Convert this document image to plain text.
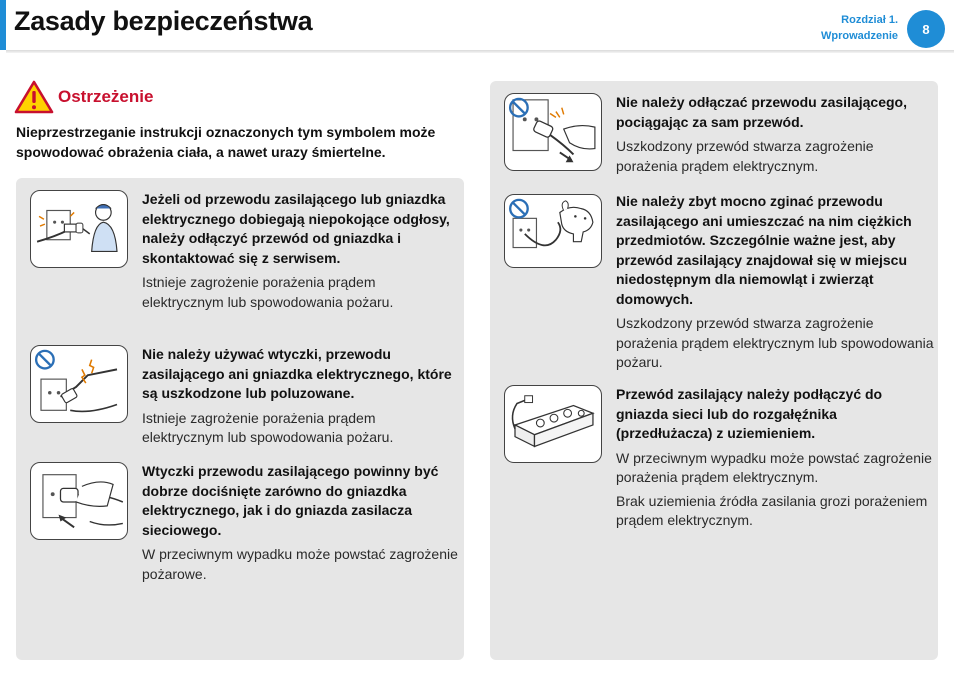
Zasady bezpieczeństwa	Rozdział 1.
Wprowadzenie	8
Ostrzeżenie
Nieprzestrzeganie instrukcji oznaczonych tym symbolem może spowodować obrażenia ciała, a nawet urazy śmiertelne.
Jeżeli od przewodu zasilającego lub gniazdka elektrycznego dobiegają niepokojące odgłosy, należy odłączyć przewód od gniazdka i skontaktować się z serwisem.
Istnieje zagrożenie porażenia prądem elektrycznym lub spowodowania pożaru.
Nie należy używać wtyczki, przewodu zasilającego ani gniazdka elektrycznego, które są uszkodzone lub poluzowane.
Istnieje zagrożenie porażenia prądem elektrycznym lub spowodowania pożaru.
Wtyczki przewodu zasilającego powinny być dobrze dociśnięte zarówno do gniazdka elektrycznego, jak i do gniazda zasilacza sieciowego.
W przeciwnym wypadku może powstać zagrożenie pożarowe.
Nie należy odłączać przewodu zasilającego, pociągając za sam przewód.
Uszkodzony przewód stwarza zagrożenie porażenia prądem elektrycznym.
Nie należy zbyt mocno zginać przewodu zasilającego ani umieszczać na nim ciężkich przedmiotów. Szczególnie ważne jest, aby przewód zasilający znajdował się w miejscu niedostępnym dla niemowląt i zwierząt domowych.
Uszkodzony przewód stwarza zagrożenie porażenia prądem elektrycznym lub spowodowania pożaru.
Przewód zasilający należy podłączyć do gniazda sieci lub do rozgałęźnika (przedłużacza) z uziemieniem.
W przeciwnym wypadku może powstać zagrożenie porażenia prądem elektrycznym.
Brak uziemienia źródła zasilania grozi porażeniem prądem elektrycznym.
